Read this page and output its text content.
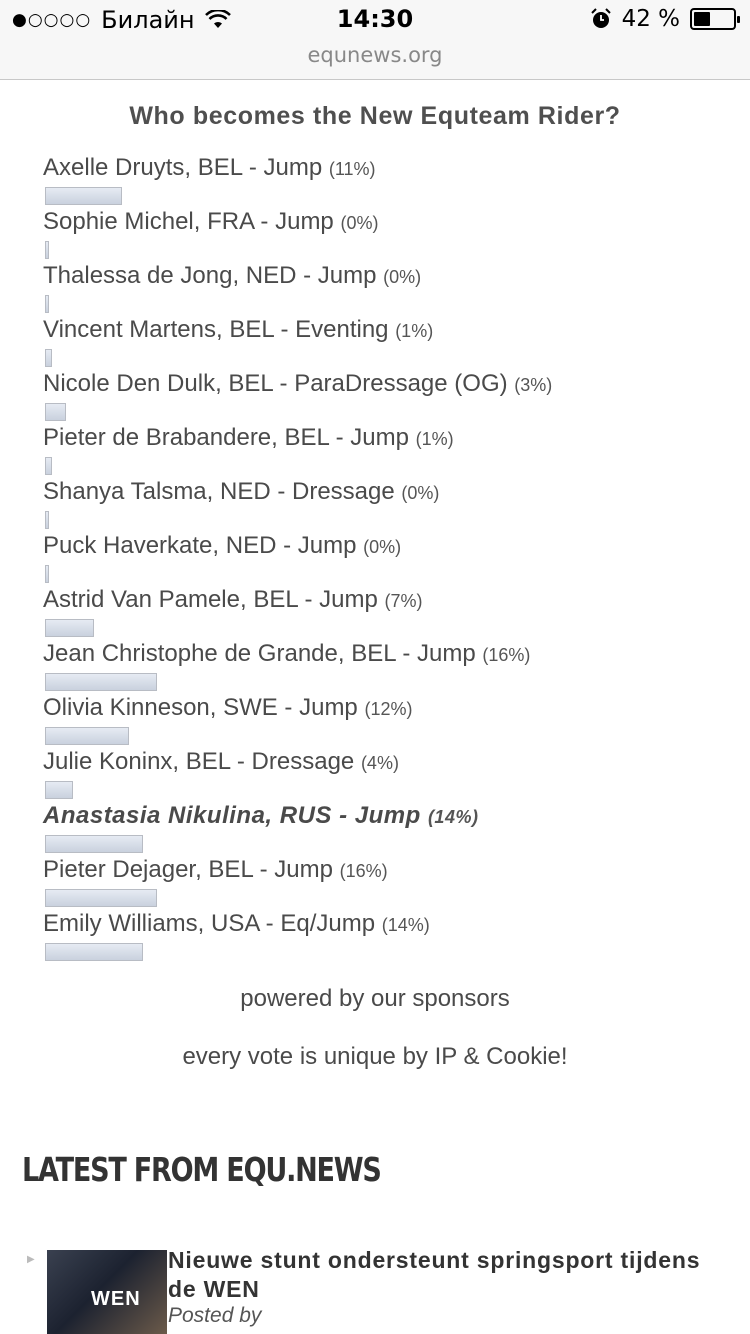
●○○○○ Билайн	14:30	42 %
equnews.org
Who becomes the New Equteam Rider?
Axelle Druyts, BEL - Jump (11%)
Sophie Michel, FRA - Jump (0%)
Thalessa de Jong, NED - Jump (0%)
Vincent Martens, BEL - Eventing (1%)
Nicole Den Dulk, BEL - ParaDressage (OG) (3%)
Pieter de Brabandere, BEL - Jump (1%)
Shanya Talsma, NED - Dressage (0%)
Puck Haverkate, NED - Jump (0%)
Astrid Van Pamele, BEL - Jump (7%)
Jean Christophe de Grande, BEL - Jump (16%)
Olivia Kinneson, SWE - Jump (12%)
Julie Koninx, BEL - Dressage (4%)
Anastasia Nikulina, RUS - Jump (14%)
Pieter Dejager, BEL - Jump (16%)
Emily Williams, USA - Eq/Jump (14%)
powered by our sponsors
every vote is unique by IP & Cookie!
LATEST FROM EQU.NEWS
▶
WEN
Nieuwe stunt ondersteunt springsport tijdens de WEN
Posted by
